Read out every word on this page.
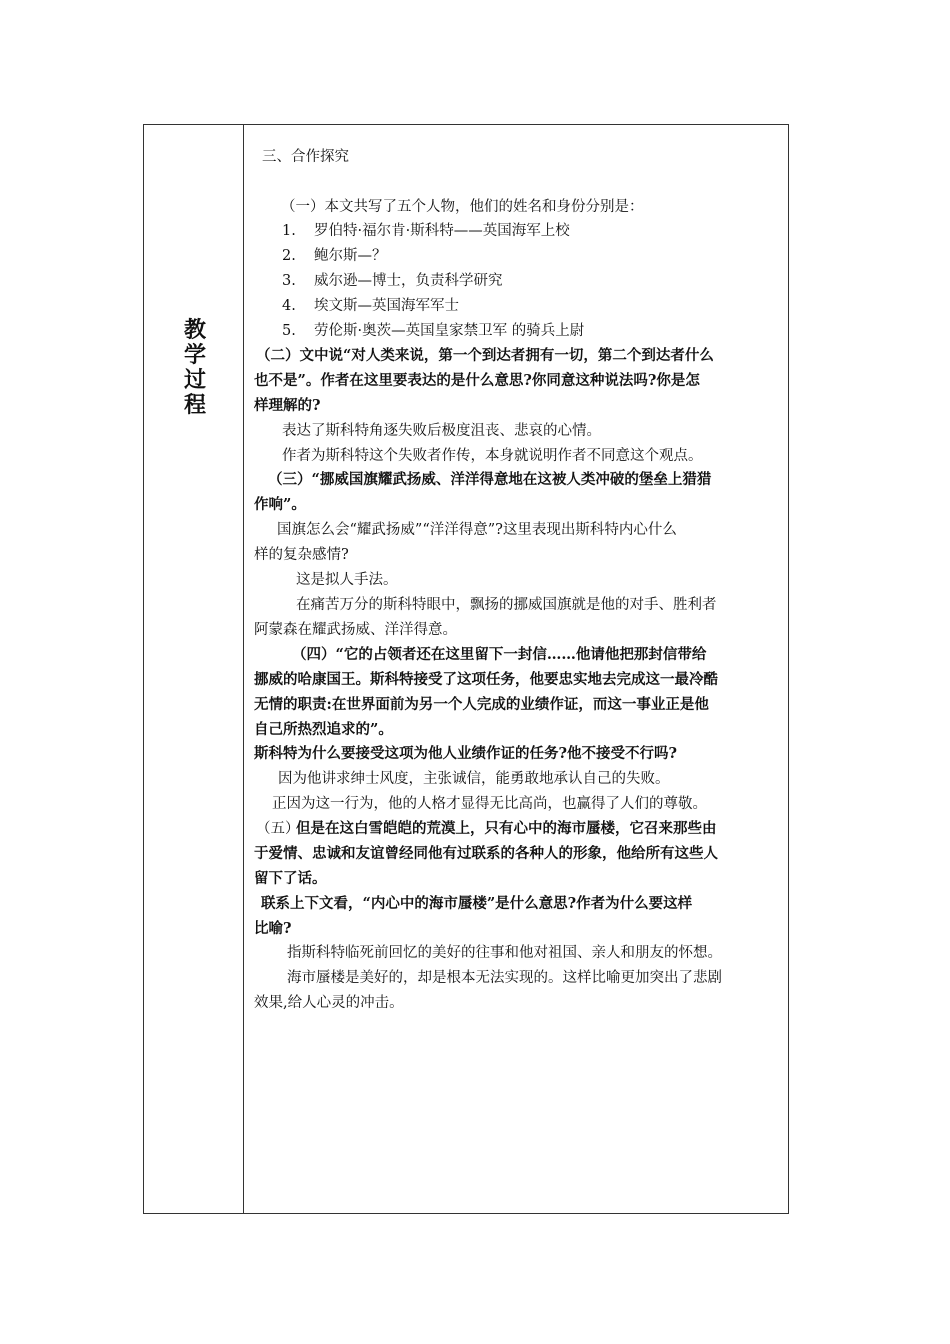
教
学
过
程
三、合作探究
（一）本文共写了五个人物，他们的姓名和身份分别是：
1. 罗伯特·福尔肯·斯科特——英国海军上校
2. 鲍尔斯—？
3. 威尔逊—博士，负责科学研究
4. 埃文斯—英国海军军士
5. 劳伦斯·奥茨—英国皇家禁卫军 的骑兵上尉
（二）文中说“对人类来说，第一个到达者拥有一切，第二个到达者什么
也不是”。作者在这里要表达的是什么意思?你同意这种说法吗?你是怎
样理解的?
表达了斯科特角逐失败后极度沮丧、悲哀的心情。
作者为斯科特这个失败者作传，本身就说明作者不同意这个观点。
（三）“挪威国旗耀武扬威、洋洋得意地在这被人类冲破的堡垒上猎猎
作响”。
国旗怎么会“耀武扬威”“洋洋得意”?这里表现出斯科特内心什么
样的复杂感情?
这是拟人手法。
在痛苦万分的斯科特眼中，飘扬的挪威国旗就是他的对手、胜利者
阿蒙森在耀武扬威、洋洋得意。
（四）“它的占领者还在这里留下一封信……他请他把那封信带给
挪威的哈康国王。斯科特接受了这项任务，他要忠实地去完成这一最冷酷
无情的职责:在世界面前为另一个人完成的业绩作证，而这一事业正是他
自己所热烈追求的”。
斯科特为什么要接受这项为他人业绩作证的任务?他不接受不行吗?
因为他讲求绅士风度，主张诚信，能勇敢地承认自己的失败。
正因为这一行为，他的人格才显得无比高尚，也赢得了人们的尊敬。
（五）
但是在这白雪皑皑的荒漠上，只有心中的海市蜃楼，它召来那些由
于爱情、忠诚和友谊曾经同他有过联系的各种人的形象，他给所有这些人
留下了话。
联系上下文看，“内心中的海市蜃楼”是什么意思?作者为什么要这样
比喻?
指斯科特临死前回忆的美好的往事和他对祖国、亲人和朋友的怀想。
海市蜃楼是美好的，却是根本无法实现的。这样比喻更加突出了悲剧
效果,给人心灵的冲击。
